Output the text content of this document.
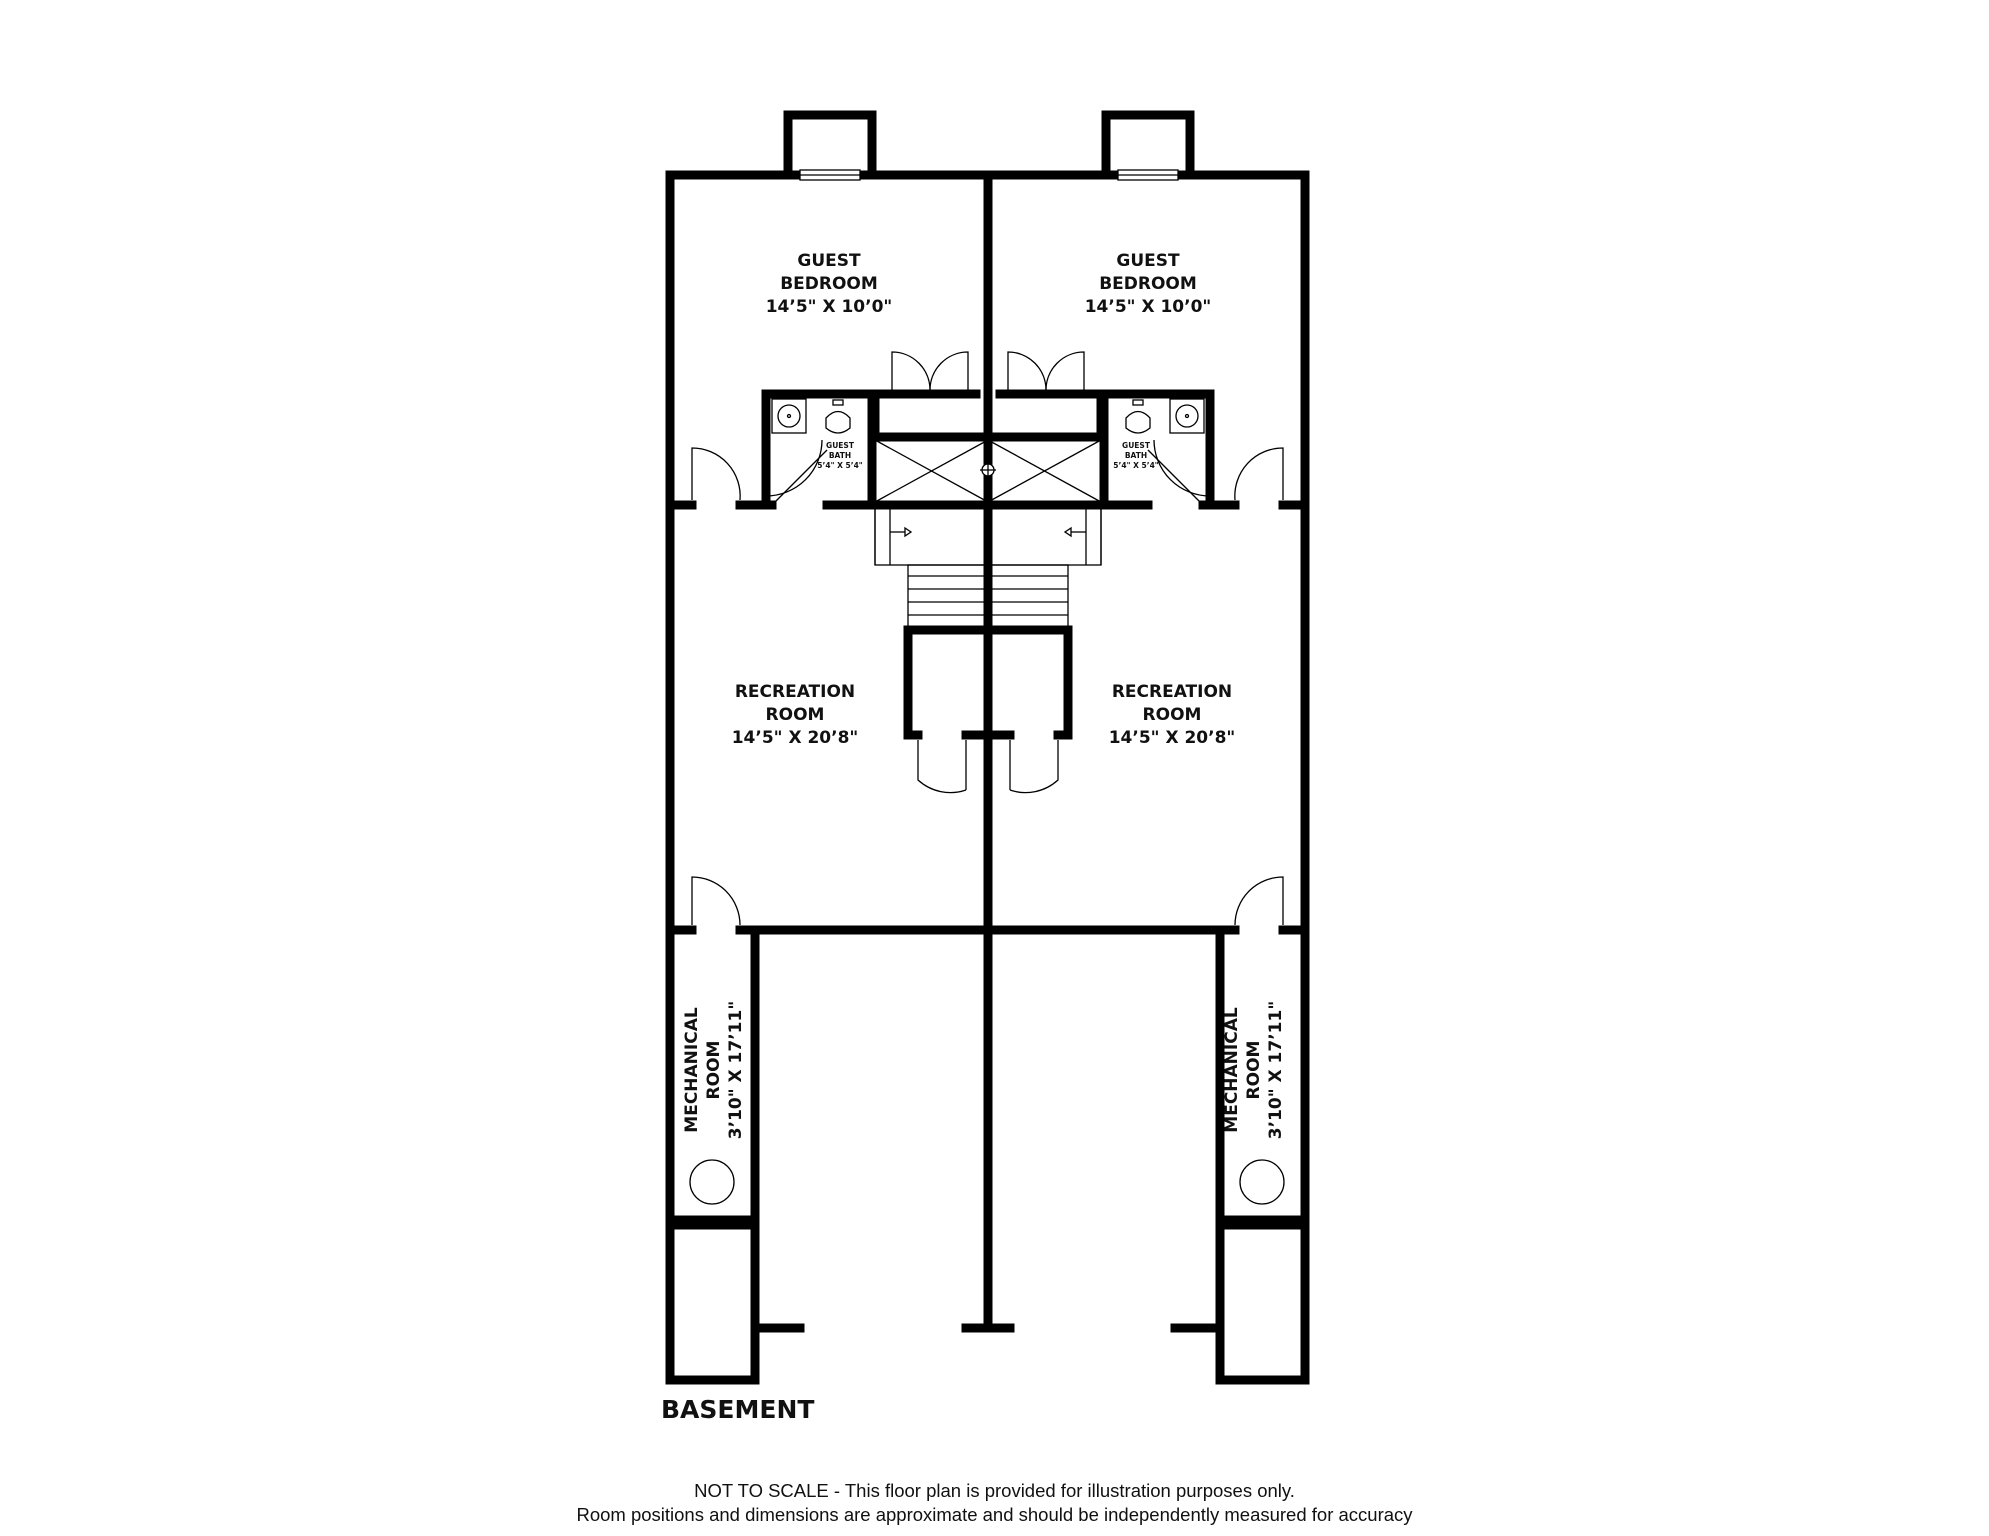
GUEST
BEDROOM
14’5" X 10’0"
GUEST
BEDROOM
14’5" X 10’0"
GUEST
BATH
5’4" X 5’4"
GUEST
BATH
5’4" X 5’4"
RECREATION
ROOM
14’5" X 20’8"
RECREATION
ROOM
14’5" X 20’8"
MECHANICAL ROOM 3’10" X 17’11"	MECHANICAL ROOM 3’10" X 17’11"

BASEMENT

NOT TO SCALE - This floor plan is provided for illustration purposes only.

Room positions and dimensions are approximate and should be independently measured for accuracy
